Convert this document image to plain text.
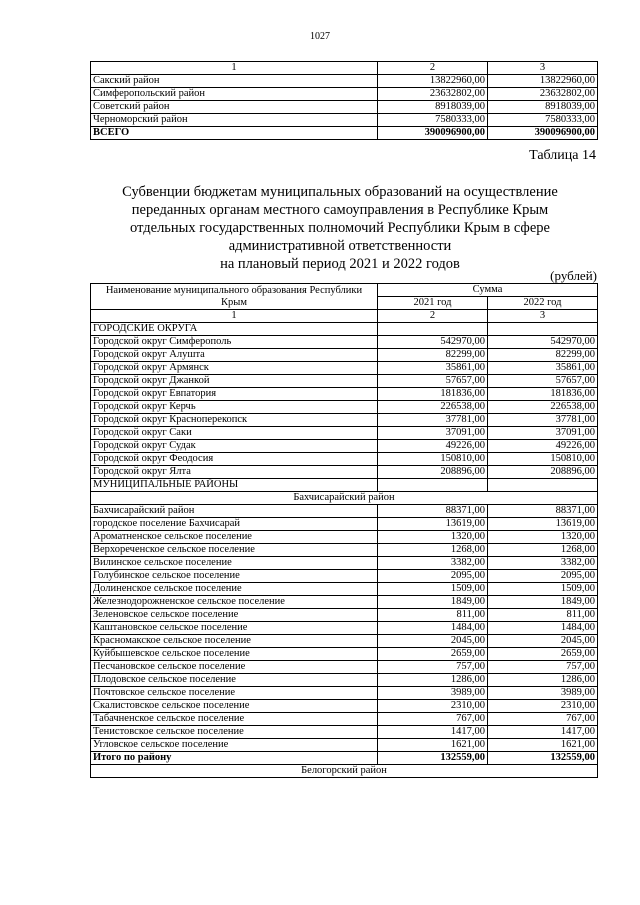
1027
1	2	3
Сакский район	13822960,00	13822960,00
Симферопольский район	23632802,00	23632802,00
Советский район	8918039,00	8918039,00
Черноморский район	7580333,00	7580333,00
ВСЕГО	390096900,00	390096900,00
Таблица 14
Субвенции бюджетам муниципальных образований на осуществление
переданных органам местного самоуправления в Республике Крым
отдельных государственных полномочий Республики Крым в сфере
административной ответственности
на плановый период 2021 и 2022 годов
(рублей)
Наименование муниципального образования Республики Крым	Сумма	
	2021 год	2022 год
1	2	3
ГОРОДСКИЕ ОКРУГА		
Городской округ Симферополь	542970,00	542970,00
Городской округ Алушта	82299,00	82299,00
Городской округ Армянск	35861,00	35861,00
Городской округ Джанкой	57657,00	57657,00
Городской округ Евпатория	181836,00	181836,00
Городской округ Керчь	226538,00	226538,00
Городской округ Красноперекопск	37781,00	37781,00
Городской округ Саки	37091,00	37091,00
Городской округ Судак	49226,00	49226,00
Городской округ Феодосия	150810,00	150810,00
Городской округ Ялта	208896,00	208896,00
МУНИЦИПАЛЬНЫЕ РАЙОНЫ		
Бахчисарайский район		
Бахчисарайский район	88371,00	88371,00
городское поселение Бахчисарай	13619,00	13619,00
Ароматненское сельское поселение	1320,00	1320,00
Верхореченское сельское поселение	1268,00	1268,00
Вилинское сельское поселение	3382,00	3382,00
Голубинское сельское поселение	2095,00	2095,00
Долиненское сельское поселение	1509,00	1509,00
Железнодорожненское сельское поселение	1849,00	1849,00
Зеленовское сельское поселение	811,00	811,00
Каштановское сельское поселение	1484,00	1484,00
Красномакское сельское поселение	2045,00	2045,00
Куйбышевское сельское поселение	2659,00	2659,00
Песчановское сельское поселение	757,00	757,00
Плодовское сельское поселение	1286,00	1286,00
Почтовское сельское поселение	3989,00	3989,00
Скалистовское сельское поселение	2310,00	2310,00
Табачненское сельское поселение	767,00	767,00
Тенистовское сельское поселение	1417,00	1417,00
Угловское сельское поселение	1621,00	1621,00
Итого по району	132559,00	132559,00
Белогорский район		
